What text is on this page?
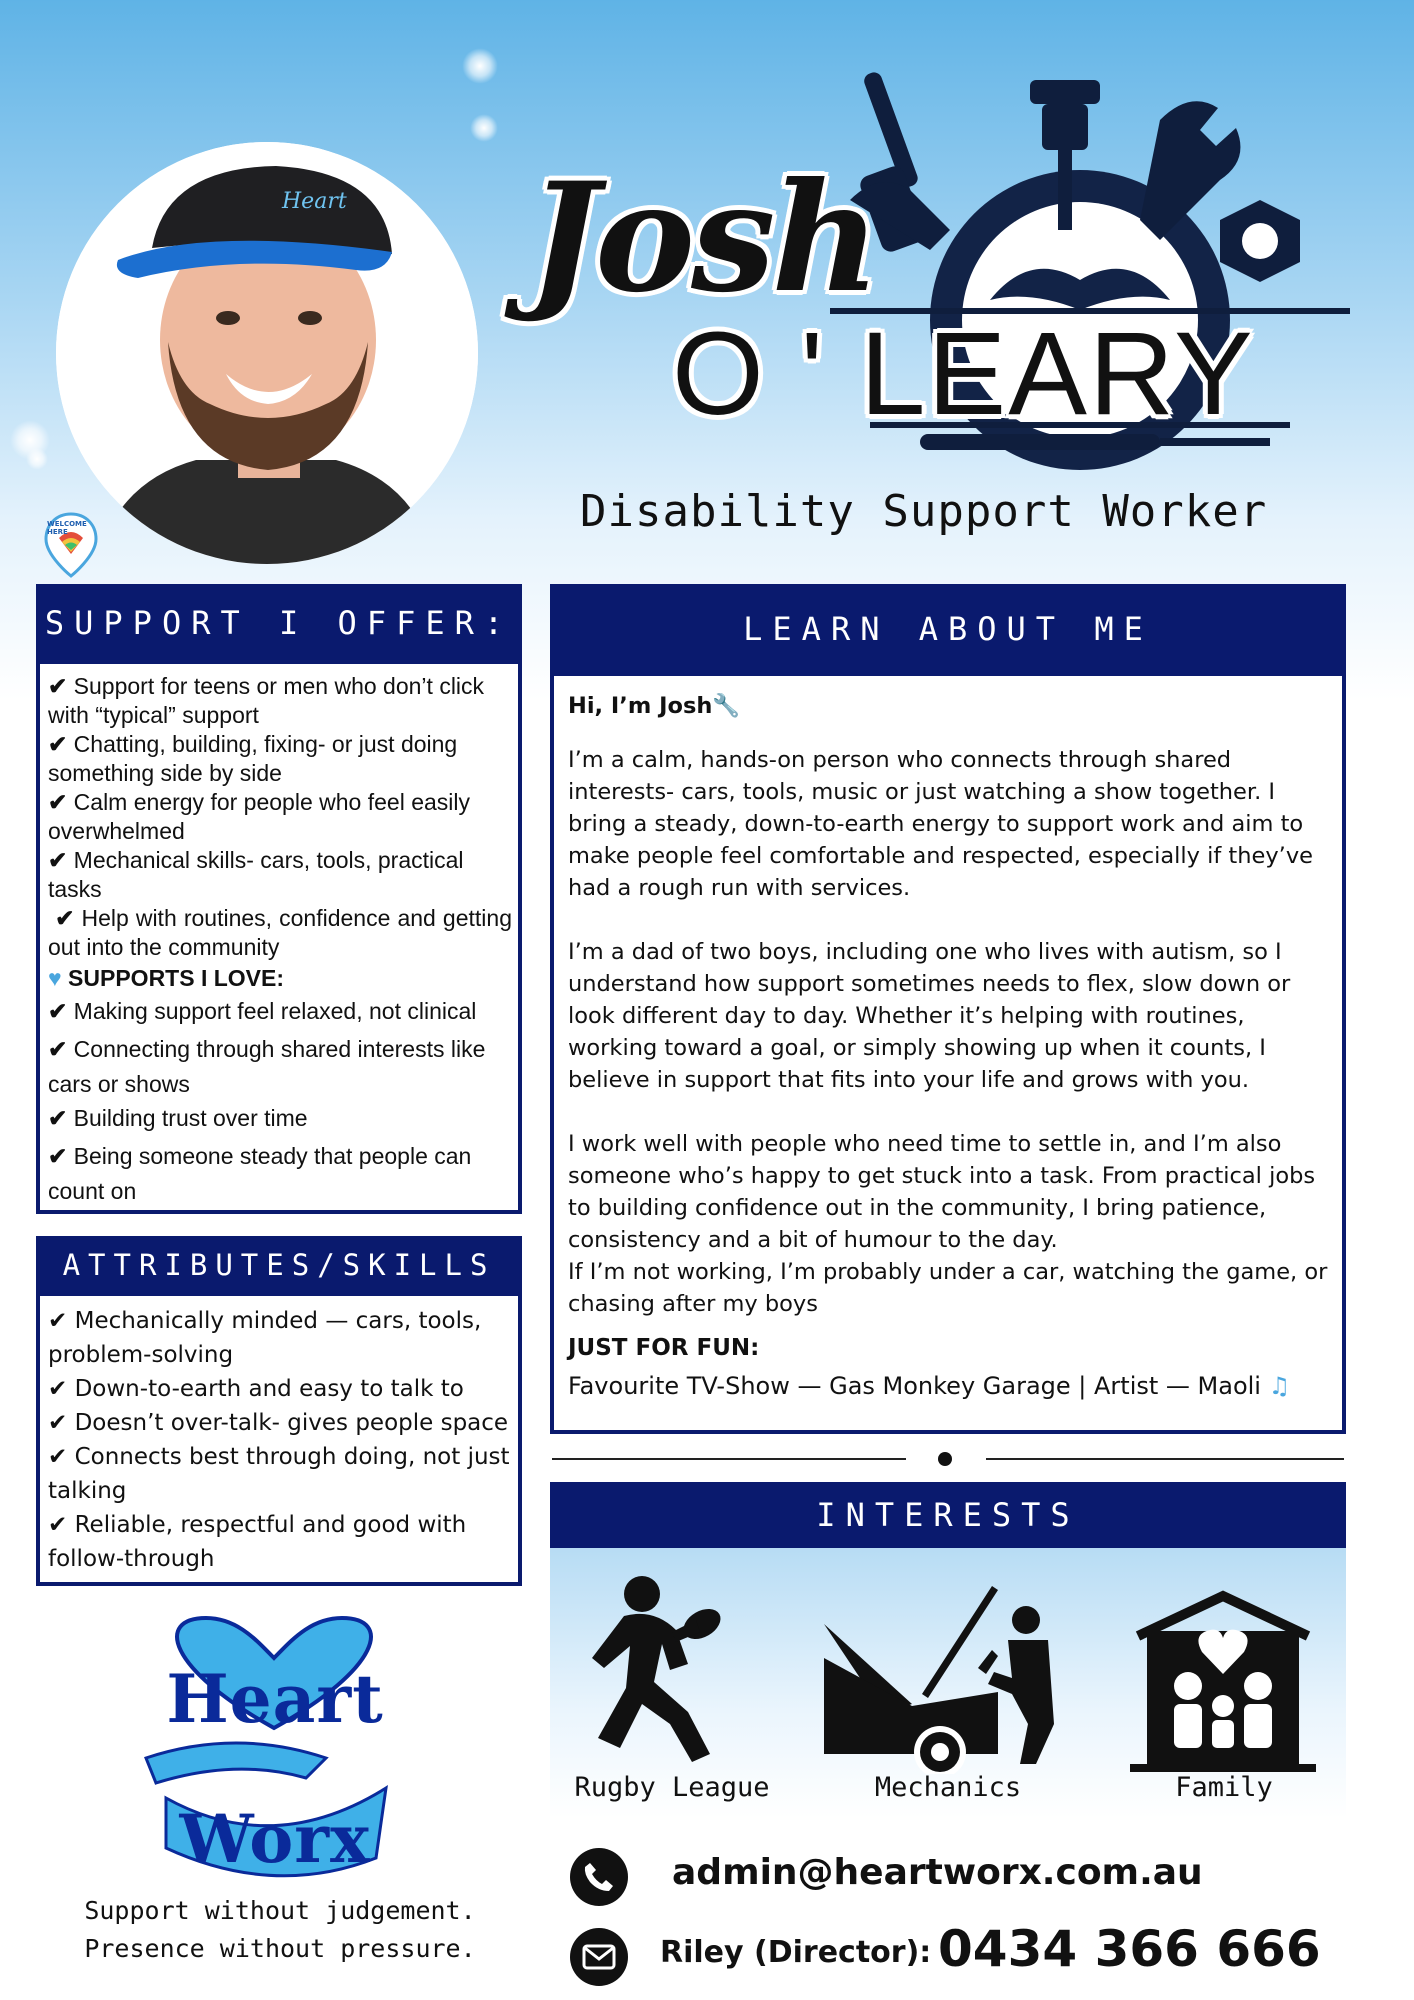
Heart
WELCOME HERE
Josh
O ' LEARY
Disability Support Worker
SUPPORT I OFFER:
✔ Support for teens or men who don’t click with “typical” support
✔ Chatting, building, fixing- or just doing something side by side
✔ Calm energy for people who feel easily overwhelmed
✔ Mechanical skills- cars, tools, practical tasks
✔ Help with routines, confidence and getting out into the community
♥ SUPPORTS I LOVE:
✔ Making support feel relaxed, not clinical
✔ Connecting through shared interests like cars or shows
✔ Building trust over time
✔ Being someone steady that people can count on
ATTRIBUTES/SKILLS
✔ Mechanically minded — cars, tools, problem-solving
✔ Down-to-earth and easy to talk to
✔ Doesn’t over-talk- gives people space
✔ Connects best through doing, not just talking
✔ Reliable, respectful and good with follow-through
LEARN ABOUT ME

Hi, I’m Josh🔧

I’m a calm, hands-on person who connects through shared interests- cars, tools, music or just watching a show together. I bring a steady, down-to-earth energy to support work and aim to make people feel comfortable and respected, especially if they’ve had a rough run with services.

I’m a dad of two boys, including one who lives with autism, so I understand how support sometimes needs to flex, slow down or look different day to day. Whether it’s helping with routines, working toward a goal, or simply showing up when it counts, I believe in support that fits into your life and grows with you.

I work well with people who need time to settle in, and I’m also someone who’s happy to get stuck into a task. From practical jobs to building confidence out in the community, I bring patience, consistency and a bit of humour to the day.

If I’m not working, I’m probably under a car, watching the game, or chasing after my boys

JUST FOR FUN:

Favourite TV-Show — Gas Monkey Garage | Artist — Maoli ♫

INTERESTS
Rugby League	Mechanics	Family
admin@heartworx.com.au
Riley (Director): 0434 366 666
Heart
Worx
Support without judgement.
Presence without pressure.
